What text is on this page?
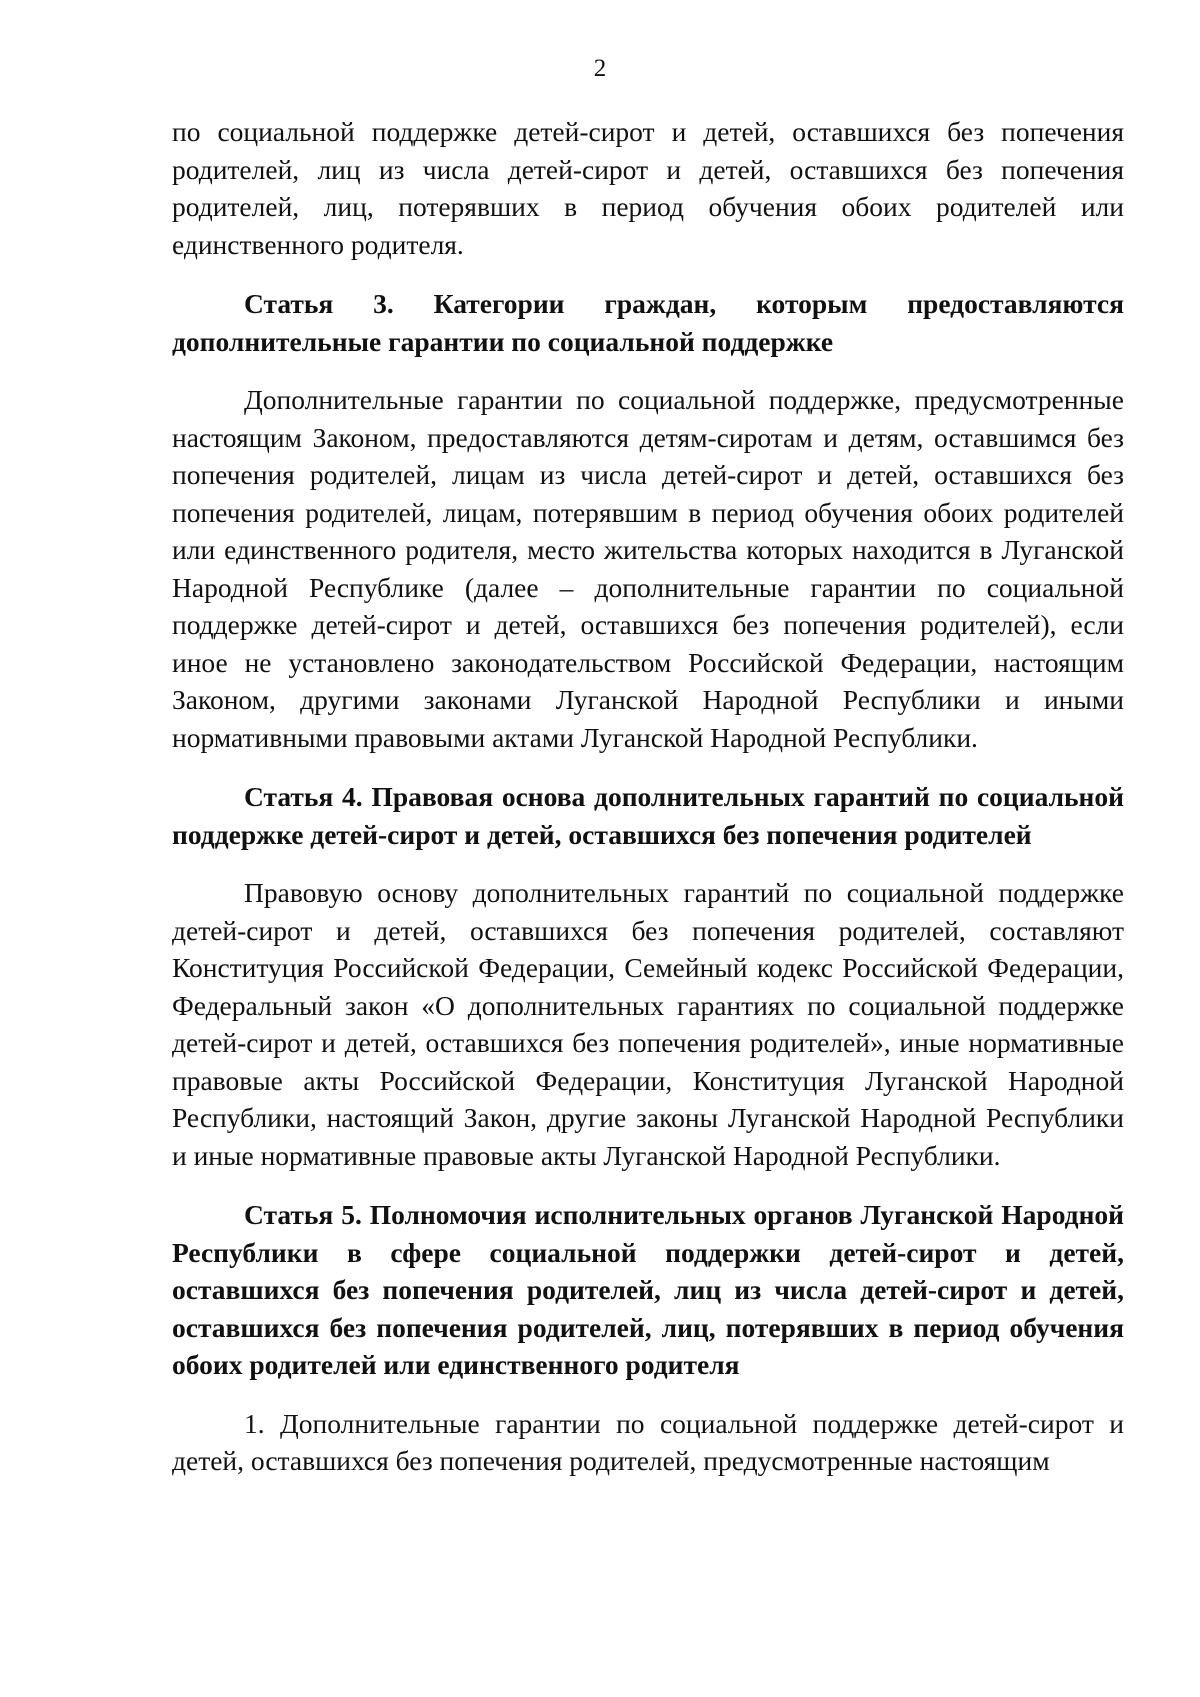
2

по социальной поддержке детей-сирот и детей, оставшихся без попечения родителей, лиц из числа детей-сирот и детей, оставшихся без попечения родителей, лиц, потерявших в период обучения обоих родителей или единственного родителя.

Статья 3. Категории граждан, которым предоставляются дополнительные гарантии по социальной поддержке

Дополнительные гарантии по социальной поддержке, предусмотренные настоящим Законом, предоставляются детям-сиротам и детям, оставшимся без попечения родителей, лицам из числа детей-сирот и детей, оставшихся без попечения родителей, лицам, потерявшим в период обучения обоих родителей или единственного родителя, место жительства которых находится в Луганской Народной Республике (далее – дополнительные гарантии по социальной поддержке детей-сирот и детей, оставшихся без попечения родителей), если иное не установлено законодательством Российской Федерации, настоящим Законом, другими законами Луганской Народной Республики и иными нормативными правовыми актами Луганской Народной Республики.

Статья 4. Правовая основа дополнительных гарантий по социальной поддержке детей-сирот и детей, оставшихся без попечения родителей

Правовую основу дополнительных гарантий по социальной поддержке детей-сирот и детей, оставшихся без попечения родителей, составляют Конституция Российской Федерации, Семейный кодекс Российской Федерации, Федеральный закон «О дополнительных гарантиях по социальной поддержке детей-сирот и детей, оставшихся без попечения родителей», иные нормативные правовые акты Российской Федерации, Конституция Луганской Народной Республики, настоящий Закон, другие законы Луганской Народной Республики и иные нормативные правовые акты Луганской Народной Республики.

Статья 5. Полномочия исполнительных органов Луганской Народной Республики в сфере социальной поддержки детей-сирот и детей, оставшихся без попечения родителей, лиц из числа детей-сирот и детей, оставшихся без попечения родителей, лиц, потерявших в период обучения обоих родителей или единственного родителя

1. Дополнительные гарантии по социальной поддержке детей-сирот и детей, оставшихся без попечения родителей, предусмотренные настоящим
